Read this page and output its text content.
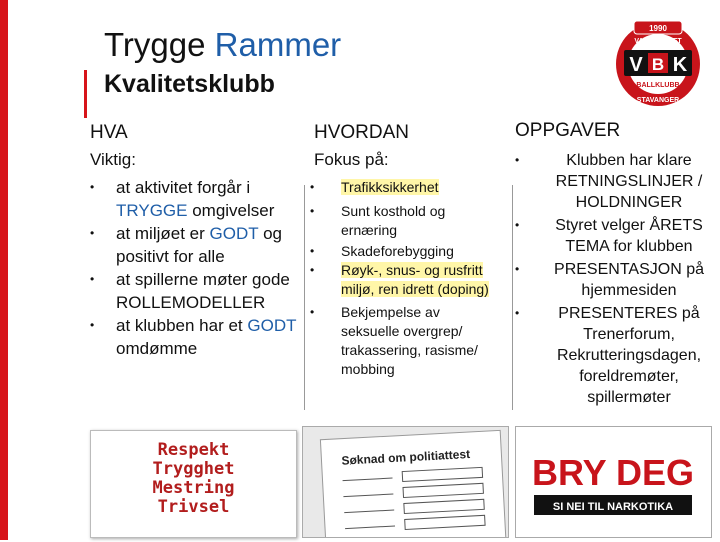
Trygge Rammer
Kvalitetsklubb
1990
VARDENESET
V B K
BALLKLUBB
STAVANGER
HVA
Viktig:
• at aktivitet forgår i TRYGGE omgivelser
• at miljøet er GODT og positivt for alle
• at spillerne møter gode ROLLEMODELLER
• at klubben har et GODT omdømme
HVORDAN
Fokus på:
• Trafikksikkerhet
• Sunt kosthold og ernæring
• Skadeforebygging
• Røyk-, snus- og rusfritt miljø, ren idrett (doping)
• Bekjempelse av seksuelle overgrep/ trakassering, rasisme/ mobbing
OPPGAVER
•	Klubben har klare RETNINGSLINJER / HOLDNINGER
• Styret velger ÅRETS TEMA for klubben
• PRESENTASJON på hjemmesiden
• PRESENTERES på Trenerforum, Rekrutteringsdagen, foreldremøter, spillermøter
Respekt
Trygghet
Mestring
Trivsel
Søknad om politiattest BRY DEG
SI NEI TIL NARKOTIKA
